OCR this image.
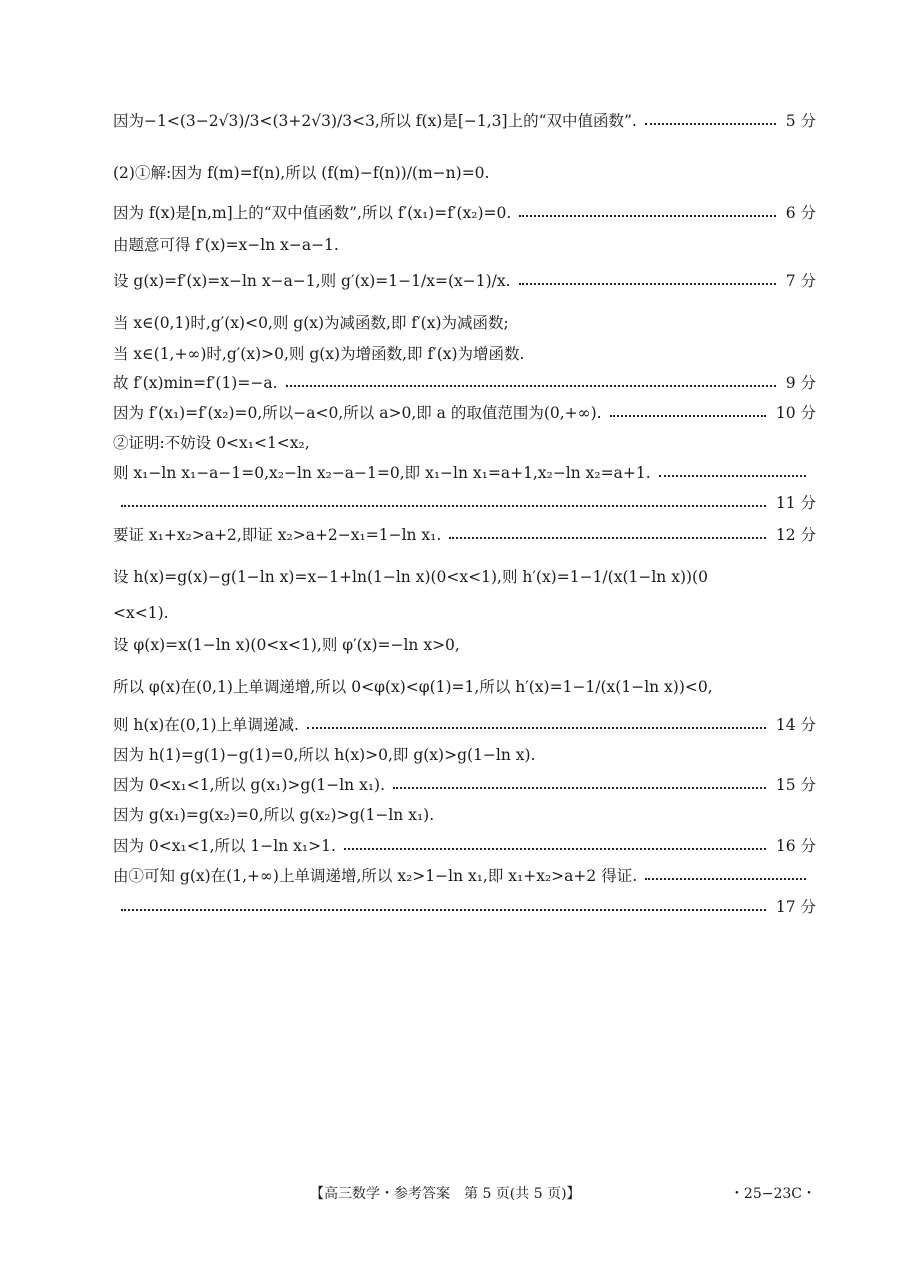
因为−1<(3−2√3)/3<(3+2√3)/3<3,所以 f(x)是[−1,3]上的“双中值函数”.	5 分
(2)①解:因为 f(m)=f(n),所以 (f(m)−f(n))/(m−n)=0.
因为 f(x)是[n,m]上的“双中值函数”,所以 f′(x₁)=f′(x₂)=0.	6 分
由题意可得 f′(x)=x−ln x−a−1.
设 g(x)=f′(x)=x−ln x−a−1,则 g′(x)=1−1/x=(x−1)/x.	7 分
当 x∈(0,1)时,g′(x)<0,则 g(x)为减函数,即 f′(x)为减函数;
当 x∈(1,+∞)时,g′(x)>0,则 g(x)为增函数,即 f′(x)为增函数.
故 f′(x)min=f′(1)=−a.	9 分
因为 f′(x₁)=f′(x₂)=0,所以−a<0,所以 a>0,即 a 的取值范围为(0,+∞).	10 分
②证明:不妨设 0<x₁<1<x₂,
则 x₁−ln x₁−a−1=0,x₂−ln x₂−a−1=0,即 x₁−ln x₁=a+1,x₂−ln x₂=a+1.
11 分
要证 x₁+x₂>a+2,即证 x₂>a+2−x₁=1−ln x₁.	12 分
设 h(x)=g(x)−g(1−ln x)=x−1+ln(1−ln x)(0<x<1),则 h′(x)=1−1/(x(1−ln x))(0
<x<1).
设 φ(x)=x(1−ln x)(0<x<1),则 φ′(x)=−ln x>0,
所以 φ(x)在(0,1)上单调递增,所以 0<φ(x)<φ(1)=1,所以 h′(x)=1−1/(x(1−ln x))<0,
则 h(x)在(0,1)上单调递减.	14 分
因为 h(1)=g(1)−g(1)=0,所以 h(x)>0,即 g(x)>g(1−ln x).
因为 0<x₁<1,所以 g(x₁)>g(1−ln x₁).	15 分
因为 g(x₁)=g(x₂)=0,所以 g(x₂)>g(1−ln x₁).
因为 0<x₁<1,所以 1−ln x₁>1.	16 分
由①可知 g(x)在(1,+∞)上单调递增,所以 x₂>1−ln x₁,即 x₁+x₂>a+2 得证.
17 分
【高三数学・参考答案　第 5 页(共 5 页)】	・25−23C・
